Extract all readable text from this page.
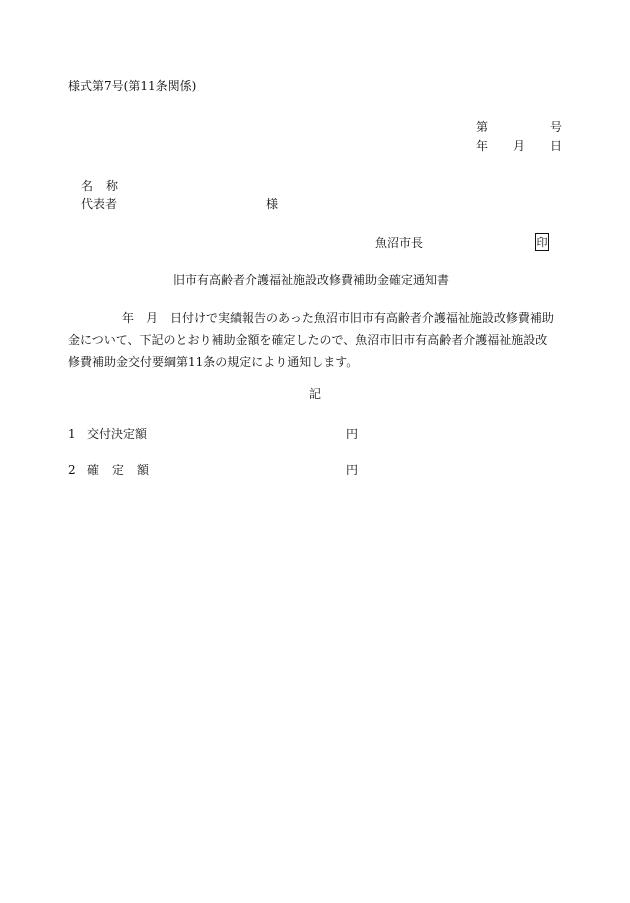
様式第7号(第11条関係)
第	号
年 月 日
名称
代表者	様
魚沼市長	印
旧市有高齢者介護福祉施設改修費補助金確定通知書
年　月　日付けで実績報告のあった魚沼市旧市有高齢者介護福祉施設改修費補助
金について、下記のとおり補助金額を確定したので、魚沼市旧市有高齢者介護福祉施設改
修費補助金交付要綱第11条の規定により通知します。
記
1 交付決定額	円
2 確定額	円
